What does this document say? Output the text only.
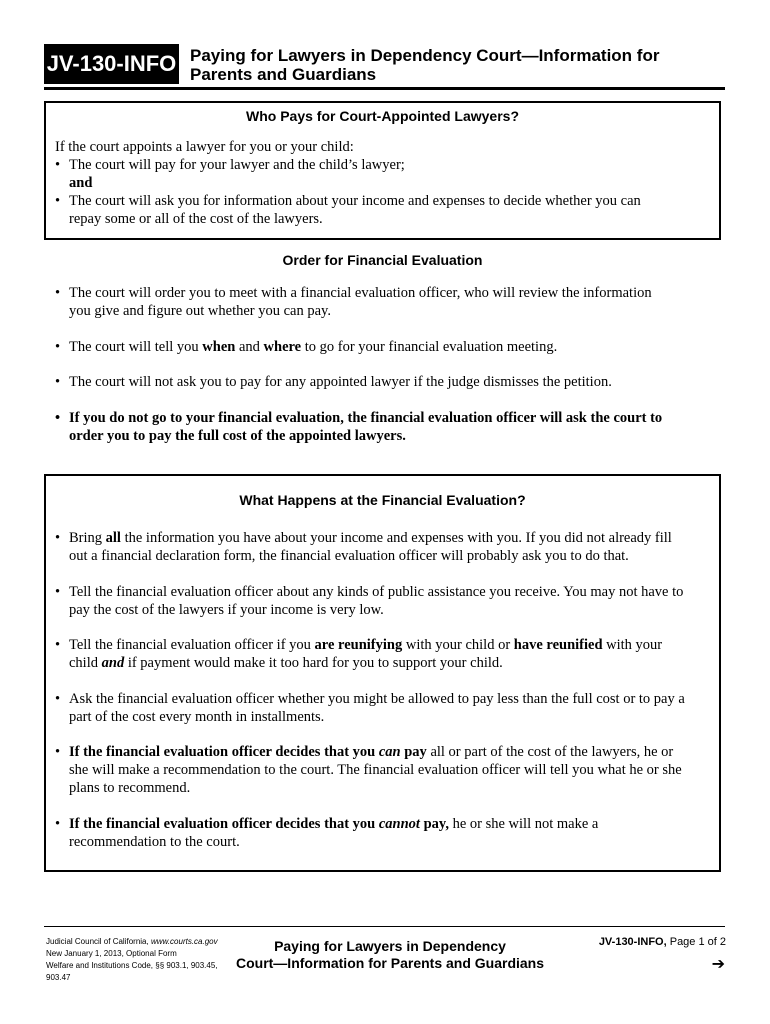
JV-130-INFO Paying for Lawyers in Dependency Court—Information for
Parents and Guardians
Who Pays for Court-Appointed Lawyers?
If the court appoints a lawyer for you or your child:
• The court will pay for your lawyer and the child’s lawyer;
and
• The court will ask you for information about your income and expenses to decide whether you can
repay some or all of the cost of the lawyers.
Order for Financial Evaluation
• The court will order you to meet with a financial evaluation officer, who will review the information
you give and figure out whether you can pay.
• The court will tell you when and where to go for your financial evaluation meeting.
• The court will not ask you to pay for any appointed lawyer if the judge dismisses the petition.
• If you do not go to your financial evaluation, the financial evaluation officer will ask the court to
order you to pay the full cost of the appointed lawyers.
What Happens at the Financial Evaluation?
• Bring all the information you have about your income and expenses with you. If you did not already fill
out a financial declaration form, the financial evaluation officer will probably ask you to do that.
• Tell the financial evaluation officer about any kinds of public assistance you receive. You may not have to
pay the cost of the lawyers if your income is very low.
• Tell the financial evaluation officer if you are reunifying with your child or have reunified with your
child and if payment would make it too hard for you to support your child.
• Ask the financial evaluation officer whether you might be allowed to pay less than the full cost or to pay a
part of the cost every month in installments.
• If the financial evaluation officer decides that you can pay all or part of the cost of the lawyers, he or
she will make a recommendation to the court. The financial evaluation officer will tell you what he or she
plans to recommend.
• If the financial evaluation officer decides that you cannot pay, he or she will not make a
recommendation to the court.
Judicial Council of California, www.courts.ca.gov
New January 1, 2013, Optional Form
Welfare and Institutions Code, §§ 903.1, 903.45,
903.47
Paying for Lawyers in Dependency
Court—Information for Parents and Guardians
JV-130-INFO, Page 1 of 2
➔
